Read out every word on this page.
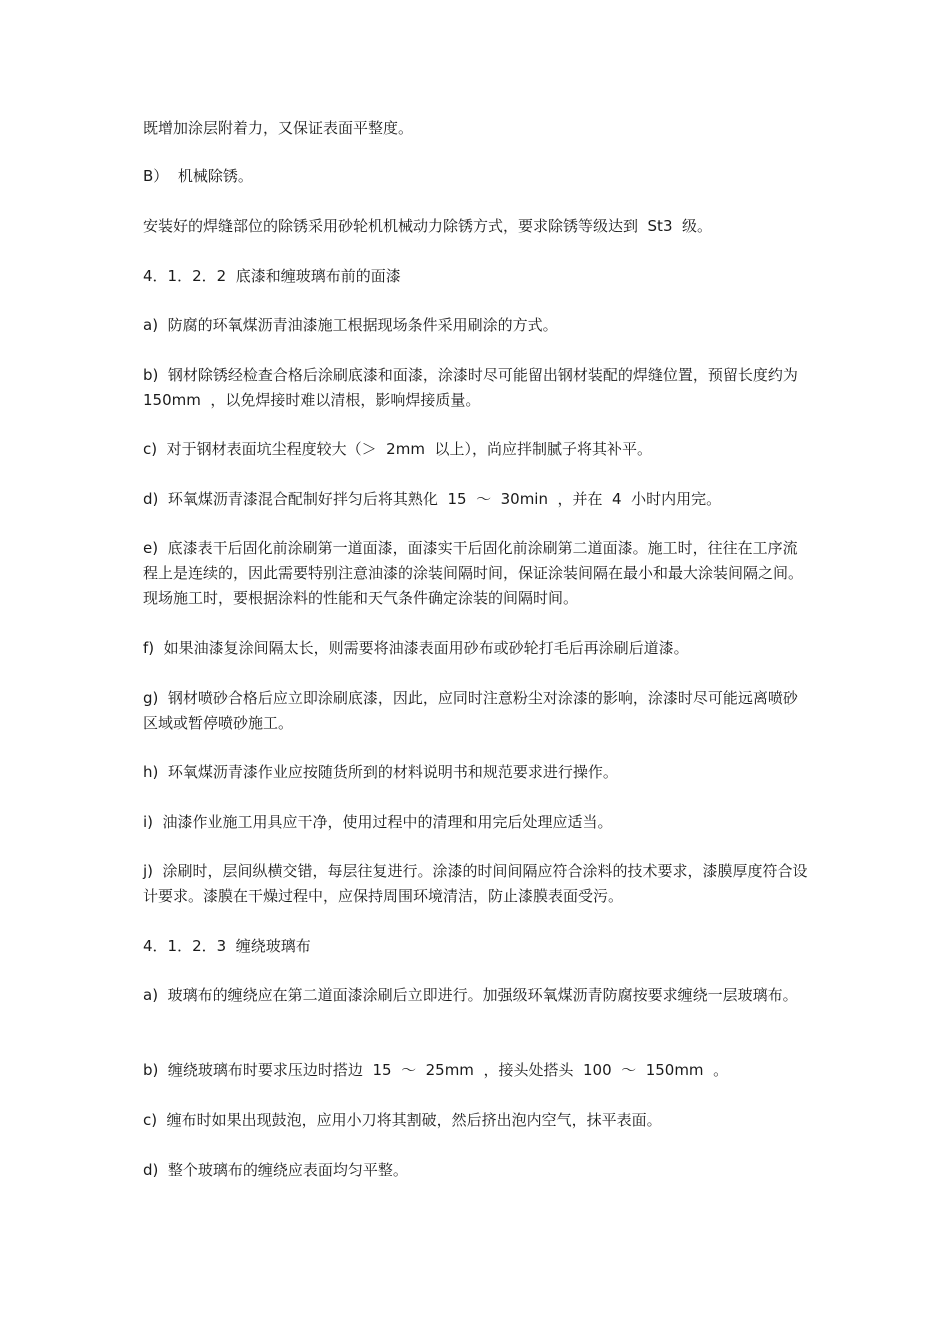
既增加涂层附着力，又保证表面平整度。

B）  机械除锈。

安装好的焊缝部位的除锈采用砂轮机机械动力除锈方式，要求除锈等级达到  St3  级。

4．1．2．2  底漆和缠玻璃布前的面漆

a)  防腐的环氧煤沥青油漆施工根据现场条件采用刷涂的方式。

b)  钢材除锈经检查合格后涂刷底漆和面漆，涂漆时尽可能留出钢材装配的焊缝位置，预留长度约为  150mm  ，以免焊接时难以清根，影响焊接质量。

c)  对于钢材表面坑尘程度较大（＞  2mm  以上），尚应拌制腻子将其补平。

d)  环氧煤沥青漆混合配制好拌匀后将其熟化  15  ～  30min  ，并在  4  小时内用完。

e)  底漆表干后固化前涂刷第一道面漆，面漆实干后固化前涂刷第二道面漆。施工时，往往在工序流程上是连续的，因此需要特别注意油漆的涂装间隔时间，保证涂装间隔在最小和最大涂装间隔之间。现场施工时，要根据涂料的性能和天气条件确定涂装的间隔时间。

f)  如果油漆复涂间隔太长，则需要将油漆表面用砂布或砂轮打毛后再涂刷后道漆。

g)  钢材喷砂合格后应立即涂刷底漆，因此，应同时注意粉尘对涂漆的影响，涂漆时尽可能远离喷砂区域或暂停喷砂施工。

h)  环氧煤沥青漆作业应按随货所到的材料说明书和规范要求进行操作。

i)  油漆作业施工用具应干净，使用过程中的清理和用完后处理应适当。

j)  涂刷时，层间纵横交错，每层往复进行。涂漆的时间间隔应符合涂料的技术要求，漆膜厚度符合设计要求。漆膜在干燥过程中，应保持周围环境清洁，防止漆膜表面受污。

4．1．2．3  缠绕玻璃布

a)  玻璃布的缠绕应在第二道面漆涂刷后立即进行。加强级环氧煤沥青防腐按要求缠绕一层玻璃布。

b)  缠绕玻璃布时要求压边时搭边  15  ～  25mm  ，接头处搭头  100  ～  150mm  。

c)  缠布时如果出现鼓泡，应用小刀将其割破，然后挤出泡内空气，抹平表面。

d)  整个玻璃布的缠绕应表面均匀平整。
